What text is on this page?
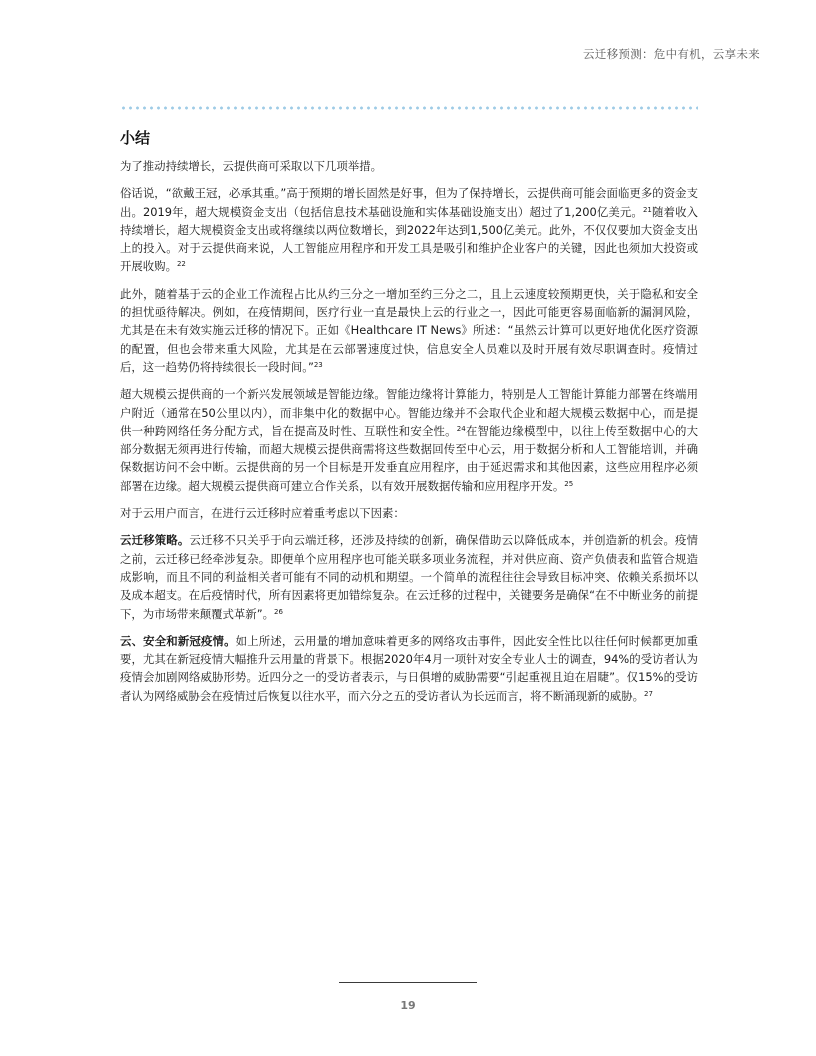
云迁移预测：危中有机，云享未来
小结

为了推动持续增长，云提供商可采取以下几项举措。

俗话说，“欲戴王冠，必承其重。”高于预期的增长固然是好事，但为了保持增长，云提供商可能会面临更多的资金支出。2019年，超大规模资金支出（包括信息技术基础设施和实体基础设施支出）超过了1,200亿美元。$^{21}$随着收入持续增长，超大规模资金支出或将继续以两位数增长，到2022年达到1,500亿美元。此外，不仅仅要加大资金支出上的投入。对于云提供商来说，人工智能应用程序和开发工具是吸引和维护企业客户的关键，因此也须加大投资或开展收购。$^{22}$

此外，随着基于云的企业工作流程占比从约三分之一增加至约三分之二，且上云速度较预期更快，关于隐私和安全的担忧亟待解决。例如，在疫情期间，医疗行业一直是最快上云的行业之一，因此可能更容易面临新的漏洞风险，尤其是在未有效实施云迁移的情况下。正如《Healthcare IT News》所述：“虽然云计算可以更好地优化医疗资源的配置，但也会带来重大风险，尤其是在云部署速度过快，信息安全人员难以及时开展有效尽职调查时。疫情过后，这一趋势仍将持续很长一段时间。”$^{23}$

超大规模云提供商的一个新兴发展领域是智能边缘。智能边缘将计算能力，特别是人工智能计算能力部署在终端用户附近（通常在50公里以内），而非集中化的数据中心。智能边缘并不会取代企业和超大规模云数据中心，而是提供一种跨网络任务分配方式，旨在提高及时性、互联性和安全性。$^{24}$在智能边缘模型中，以往上传至数据中心的大部分数据无须再进行传输，而超大规模云提供商需将这些数据回传至中心云，用于数据分析和人工智能培训，并确保数据访问不会中断。云提供商的另一个目标是开发垂直应用程序，由于延迟需求和其他因素，这些应用程序必须部署在边缘。超大规模云提供商可建立合作关系，以有效开展数据传输和应用程序开发。$^{25}$

对于云用户而言，在进行云迁移时应着重考虑以下因素：

云迁移策略。云迁移不只关乎于向云端迁移，还涉及持续的创新，确保借助云以降低成本，并创造新的机会。疫情之前，云迁移已经牵涉复杂。即便单个应用程序也可能关联多项业务流程，并对供应商、资产负债表和监管合规造成影响，而且不同的利益相关者可能有不同的动机和期望。一个简单的流程往往会导致目标冲突、依赖关系损坏以及成本超支。在后疫情时代，所有因素将更加错综复杂。在云迁移的过程中，关键要务是确保“在不中断业务的前提下，为市场带来颠覆式革新”。$^{26}$

云、安全和新冠疫情。如上所述，云用量的增加意味着更多的网络攻击事件，因此安全性比以往任何时候都更加重要，尤其在新冠疫情大幅推升云用量的背景下。根据2020年4月一项针对安全专业人士的调查，94%的受访者认为疫情会加剧网络威胁形势。近四分之一的受访者表示，与日俱增的威胁需要“引起重视且迫在眉睫”。仅15%的受访者认为网络威胁会在疫情过后恢复以往水平，而六分之五的受访者认为长远而言，将不断涌现新的威胁。$^{27}$

19
